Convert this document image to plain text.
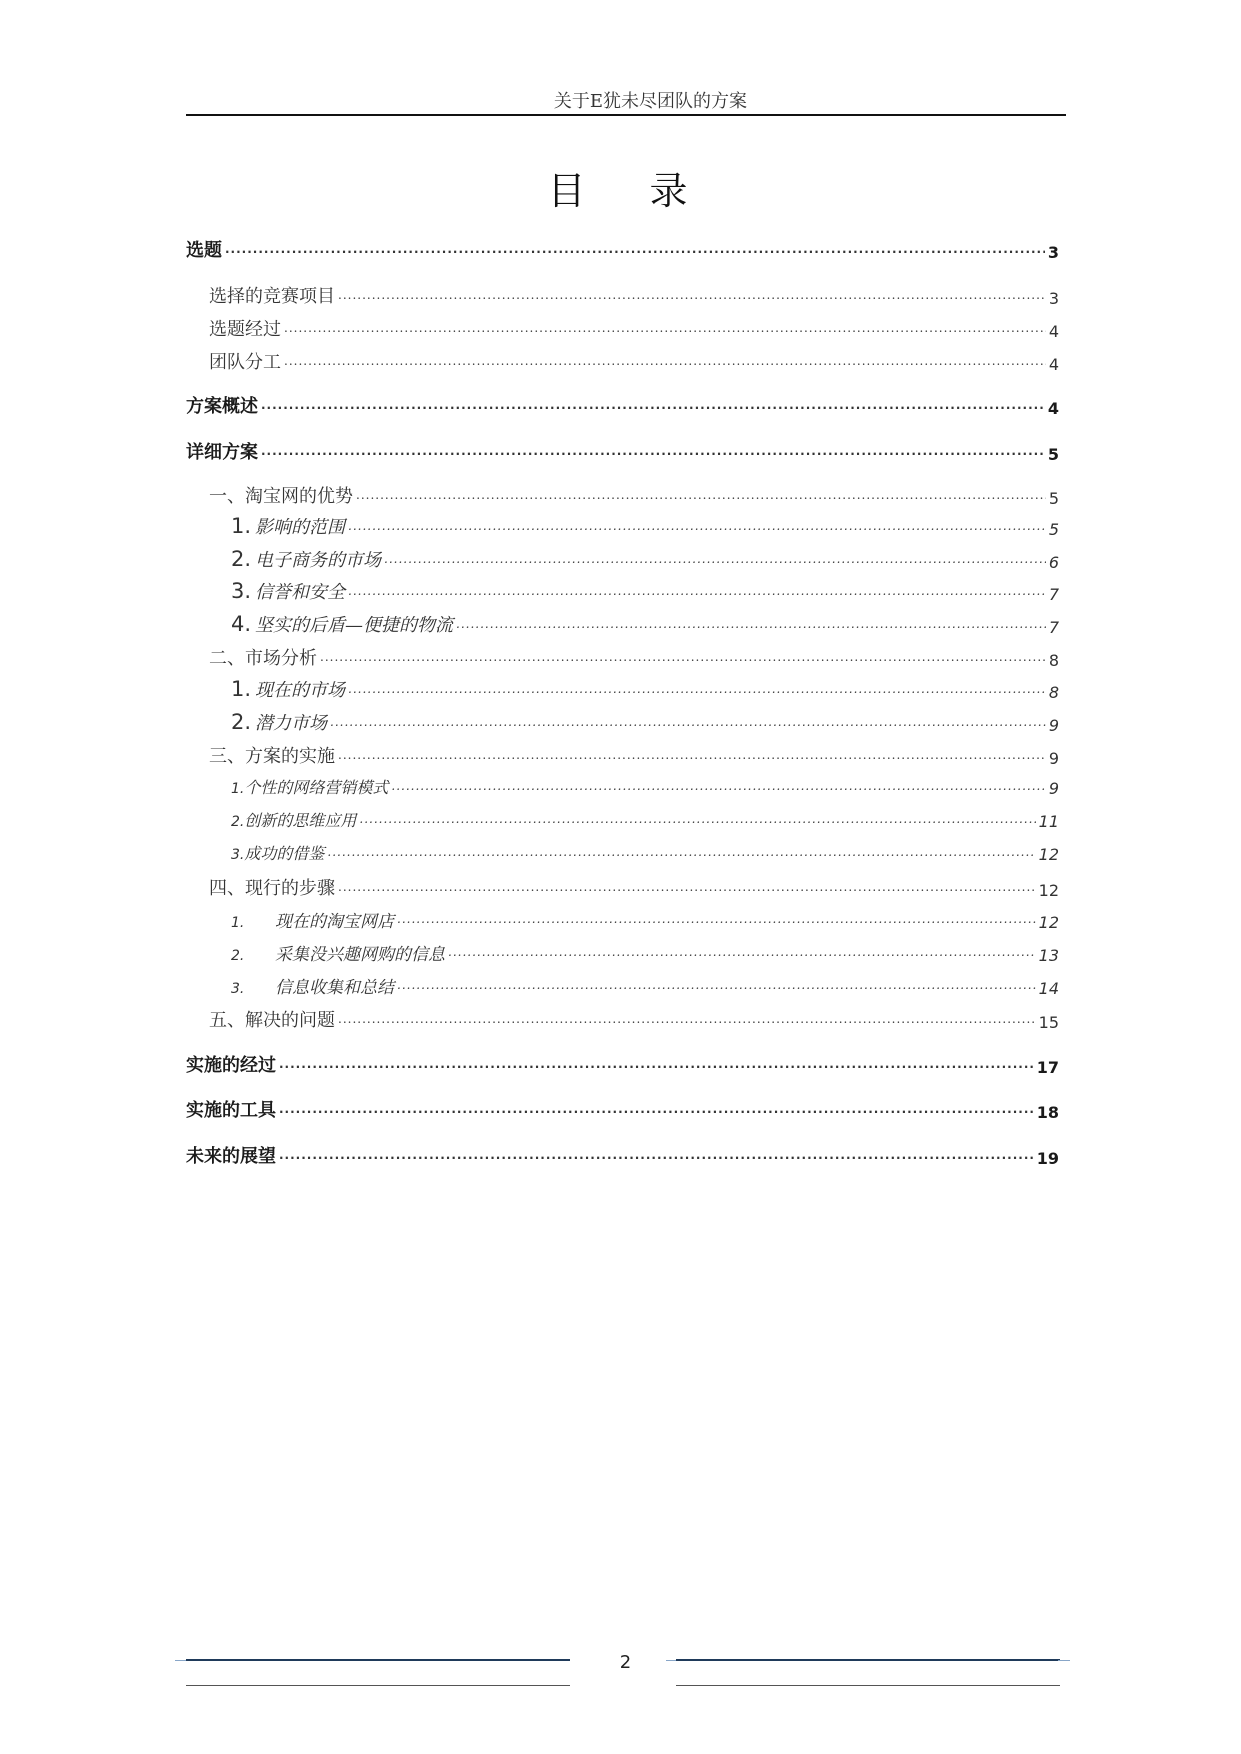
关于E犹未尽团队的方案
目 录
选题 .....	3
选择的竞赛项目 .....	3
选题经过 .....	4
团队分工 .....	4
方案概述 .....	4
详细方案 .....	5
一、淘宝网的优势 .....	5
1. 影响的范围 .....	5
2. 电子商务的市场 .....	6
3. 信誉和安全 .....	7
4. 坚实的后盾—便捷的物流 .....	7
二、市场分析 .....	8
1. 现在的市场 .....	8
2. 潜力市场 .....	9
三、方案的实施 .....	9
1.个性的网络营销模式 .....	9
2.创新的思维应用 .....	11
3.成功的借鉴 .....	12
四、现行的步骤 .....	12
1. 现在的淘宝网店 .....	12
2. 采集没兴趣网购的信息 .....	13
3. 信息收集和总结 .....	14
五、解决的问题 .....	15
实施的经过 .....	17
实施的工具 .....	18
未来的展望 .....	19
2
